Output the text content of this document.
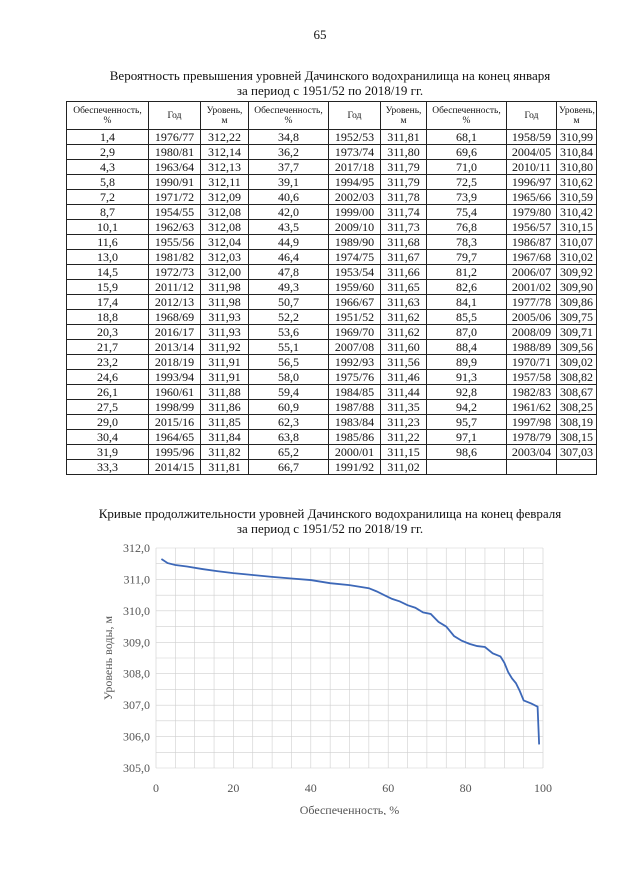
65
Вероятность превышения уровней Дачинского водохранилища на конец января
за период с 1951/52 по 2018/19 гг.
Обеспеченность, %	Год	Уровень, м	Обеспеченность, %	Год	Уровень, м	Обеспеченность, %	Год	Уровень, м
1,4	1976/77	312,22	34,8	1952/53	311,81	68,1	1958/59	310,99
2,9	1980/81	312,14	36,2	1973/74	311,80	69,6	2004/05	310,84
4,3	1963/64	312,13	37,7	2017/18	311,79	71,0	2010/11	310,80
5,8	1990/91	312,11	39,1	1994/95	311,79	72,5	1996/97	310,62
7,2	1971/72	312,09	40,6	2002/03	311,78	73,9	1965/66	310,59
8,7	1954/55	312,08	42,0	1999/00	311,74	75,4	1979/80	310,42
10,1	1962/63	312,08	43,5	2009/10	311,73	76,8	1956/57	310,15
11,6	1955/56	312,04	44,9	1989/90	311,68	78,3	1986/87	310,07
13,0	1981/82	312,03	46,4	1974/75	311,67	79,7	1967/68	310,02
14,5	1972/73	312,00	47,8	1953/54	311,66	81,2	2006/07	309,92
15,9	2011/12	311,98	49,3	1959/60	311,65	82,6	2001/02	309,90
17,4	2012/13	311,98	50,7	1966/67	311,63	84,1	1977/78	309,86
18,8	1968/69	311,93	52,2	1951/52	311,62	85,5	2005/06	309,75
20,3	2016/17	311,93	53,6	1969/70	311,62	87,0	2008/09	309,71
21,7	2013/14	311,92	55,1	2007/08	311,60	88,4	1988/89	309,56
23,2	2018/19	311,91	56,5	1992/93	311,56	89,9	1970/71	309,02
24,6	1993/94	311,91	58,0	1975/76	311,46	91,3	1957/58	308,82
26,1	1960/61	311,88	59,4	1984/85	311,44	92,8	1982/83	308,67
27,5	1998/99	311,86	60,9	1987/88	311,35	94,2	1961/62	308,25
29,0	2015/16	311,85	62,3	1983/84	311,23	95,7	1997/98	308,19
30,4	1964/65	311,84	63,8	1985/86	311,22	97,1	1978/79	308,15
31,9	1995/96	311,82	65,2	2000/01	311,15	98,6	2003/04	307,03
33,3	2014/15	311,81	66,7	1991/92	311,02			
Кривые продолжительности уровней Дачинского водохранилища на конец февраля
за период с 1951/52 по 2018/19 гг.
305,0
306,0
307,0
308,0
309,0
310,0
311,0
312,0
0	20	40	60	80	100
Обеспеченность, %
Уровень воды, м
